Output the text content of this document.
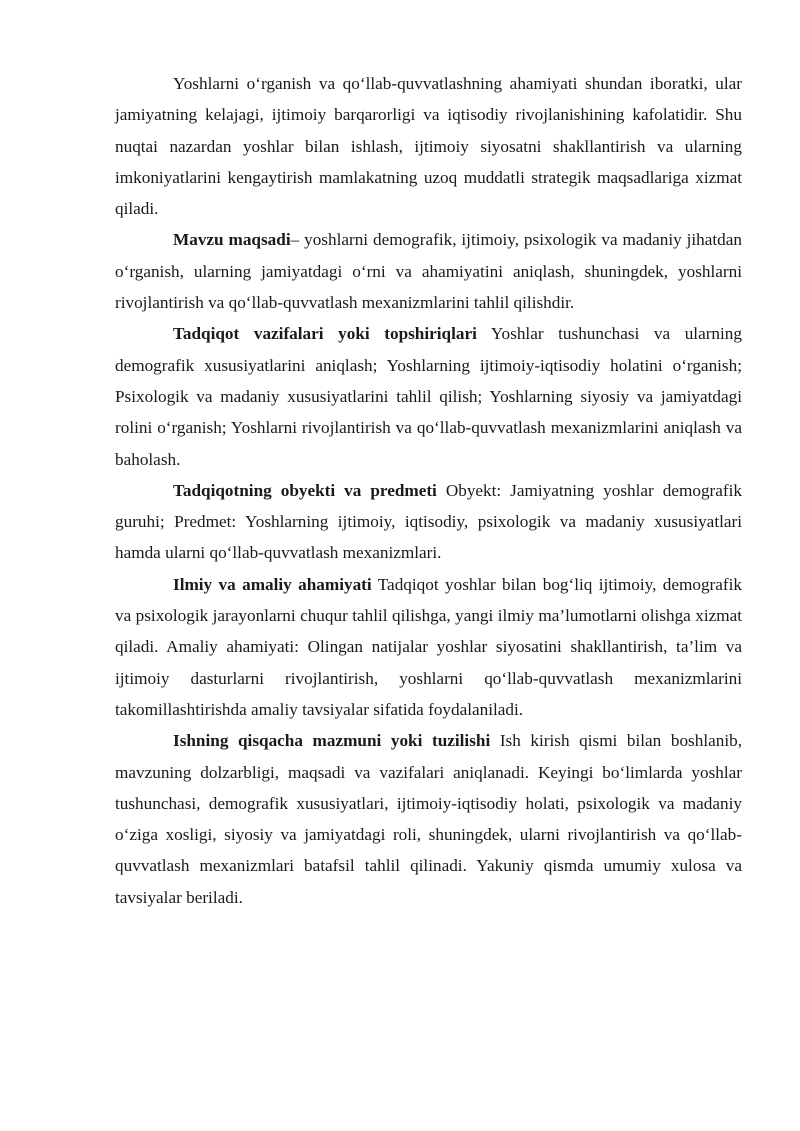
Yoshlarni o‘rganish va qo‘llab-quvvatlashning ahamiyati shundan iboratki, ular jamiyatning kelajagi, ijtimoiy barqarorligi va iqtisodiy rivojlanishining kafolatidir. Shu nuqtai nazardan yoshlar bilan ishlash, ijtimoiy siyosatni shakllantirish va ularning imkoniyatlarini kengaytirish mamlakatning uzoq muddatli strategik maqsadlariga xizmat qiladi.

Mavzu maqsadi– yoshlarni demografik, ijtimoiy, psixologik va madaniy jihatdan o‘rganish, ularning jamiyatdagi o‘rni va ahamiyatini aniqlash, shuningdek, yoshlarni rivojlantirish va qo‘llab-quvvatlash mexanizmlarini tahlil qilishdir.

Tadqiqot vazifalari yoki topshiriqlari Yoshlar tushunchasi va ularning demografik xususiyatlarini aniqlash; Yoshlarning ijtimoiy-iqtisodiy holatini o‘rganish; Psixologik va madaniy xususiyatlarini tahlil qilish; Yoshlarning siyosiy va jamiyatdagi rolini o‘rganish; Yoshlarni rivojlantirish va qo‘llab-quvvatlash mexanizmlarini aniqlash va baholash.

Tadqiqotning obyekti va predmeti Obyekt: Jamiyatning yoshlar demografik guruhi; Predmet: Yoshlarning ijtimoiy, iqtisodiy, psixologik va madaniy xususiyatlari hamda ularni qo‘llab-quvvatlash mexanizmlari.

Ilmiy va amaliy ahamiyati Tadqiqot yoshlar bilan bog‘liq ijtimoiy, demografik va psixologik jarayonlarni chuqur tahlil qilishga, yangi ilmiy ma’lumotlarni olishga xizmat qiladi. Amaliy ahamiyati: Olingan natijalar yoshlar siyosatini shakllantirish, ta’lim va ijtimoiy dasturlarni rivojlantirish, yoshlarni qo‘llab-quvvatlash mexanizmlarini takomillashtirishda amaliy tavsiyalar sifatida foydalaniladi.

Ishning qisqacha mazmuni yoki tuzilishi Ish kirish qismi bilan boshlanib, mavzuning dolzarbligi, maqsadi va vazifalari aniqlanadi. Keyingi bo‘limlarda yoshlar tushunchasi, demografik xususiyatlari, ijtimoiy-iqtisodiy holati, psixologik va madaniy o‘ziga xosligi, siyosiy va jamiyatdagi roli, shuningdek, ularni rivojlantirish va qo‘llab-quvvatlash mexanizmlari batafsil tahlil qilinadi. Yakuniy qismda umumiy xulosa va tavsiyalar beriladi.
